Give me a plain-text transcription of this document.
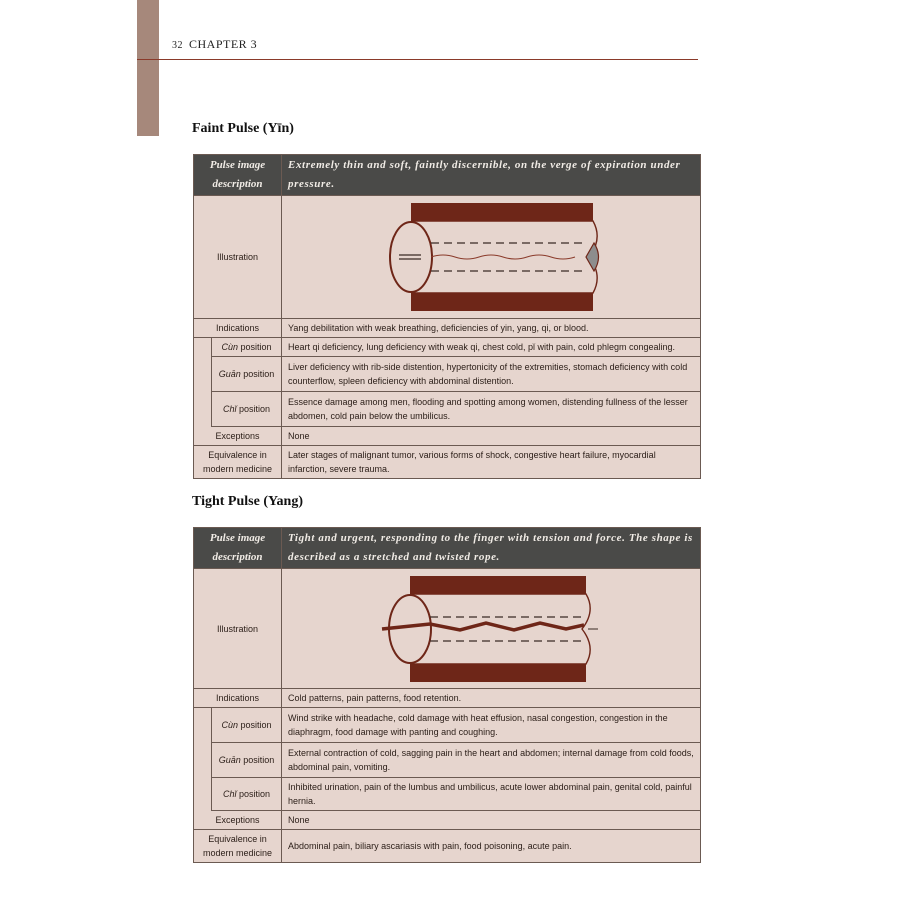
32 CHAPTER 3
Faint Pulse (Yīn)
Pulse image description		Extremely thin and soft, faintly discernible, on the verge of expiration under pressure.
Illustration	

Indications		Yang debilitation with weak breathing, deficiencies of yin, yang, qi, or blood.
	Cùn position	Heart qi deficiency, lung deficiency with weak qi, chest cold, pǐ with pain, cold phlegm congealing.
	Guān position	Liver deficiency with rib-side distention, hypertonicity of the extremities, stomach deficiency with cold counterflow, spleen deficiency with abdominal distention.
	Chǐ position	Essence damage among men, flooding and spotting among women, distending fullness of the lesser abdomen, cold pain below the umbilicus.
Exceptions		None
Equivalence in modern medicine		Later stages of malignant tumor, various forms of shock, congestive heart failure, myocardial infarction, severe trauma.
Tight Pulse (Yang)
Pulse image description		Tight and urgent, responding to the finger with tension and force. The shape is described as a stretched and twisted rope.
Illustration	

Indications		Cold patterns, pain patterns, food retention.
	Cùn position	Wind strike with headache, cold damage with heat effusion, nasal congestion, congestion in the diaphragm, food damage with panting and coughing.
	Guān position	External contraction of cold, sagging pain in the heart and abdomen; internal damage from cold foods, abdominal pain, vomiting.
	Chǐ position	Inhibited urination, pain of the lumbus and umbilicus, acute lower abdominal pain, genital cold, painful hernia.
Exceptions		None
Equivalence in modern medicine		Abdominal pain, biliary ascariasis with pain, food poisoning, acute pain.
